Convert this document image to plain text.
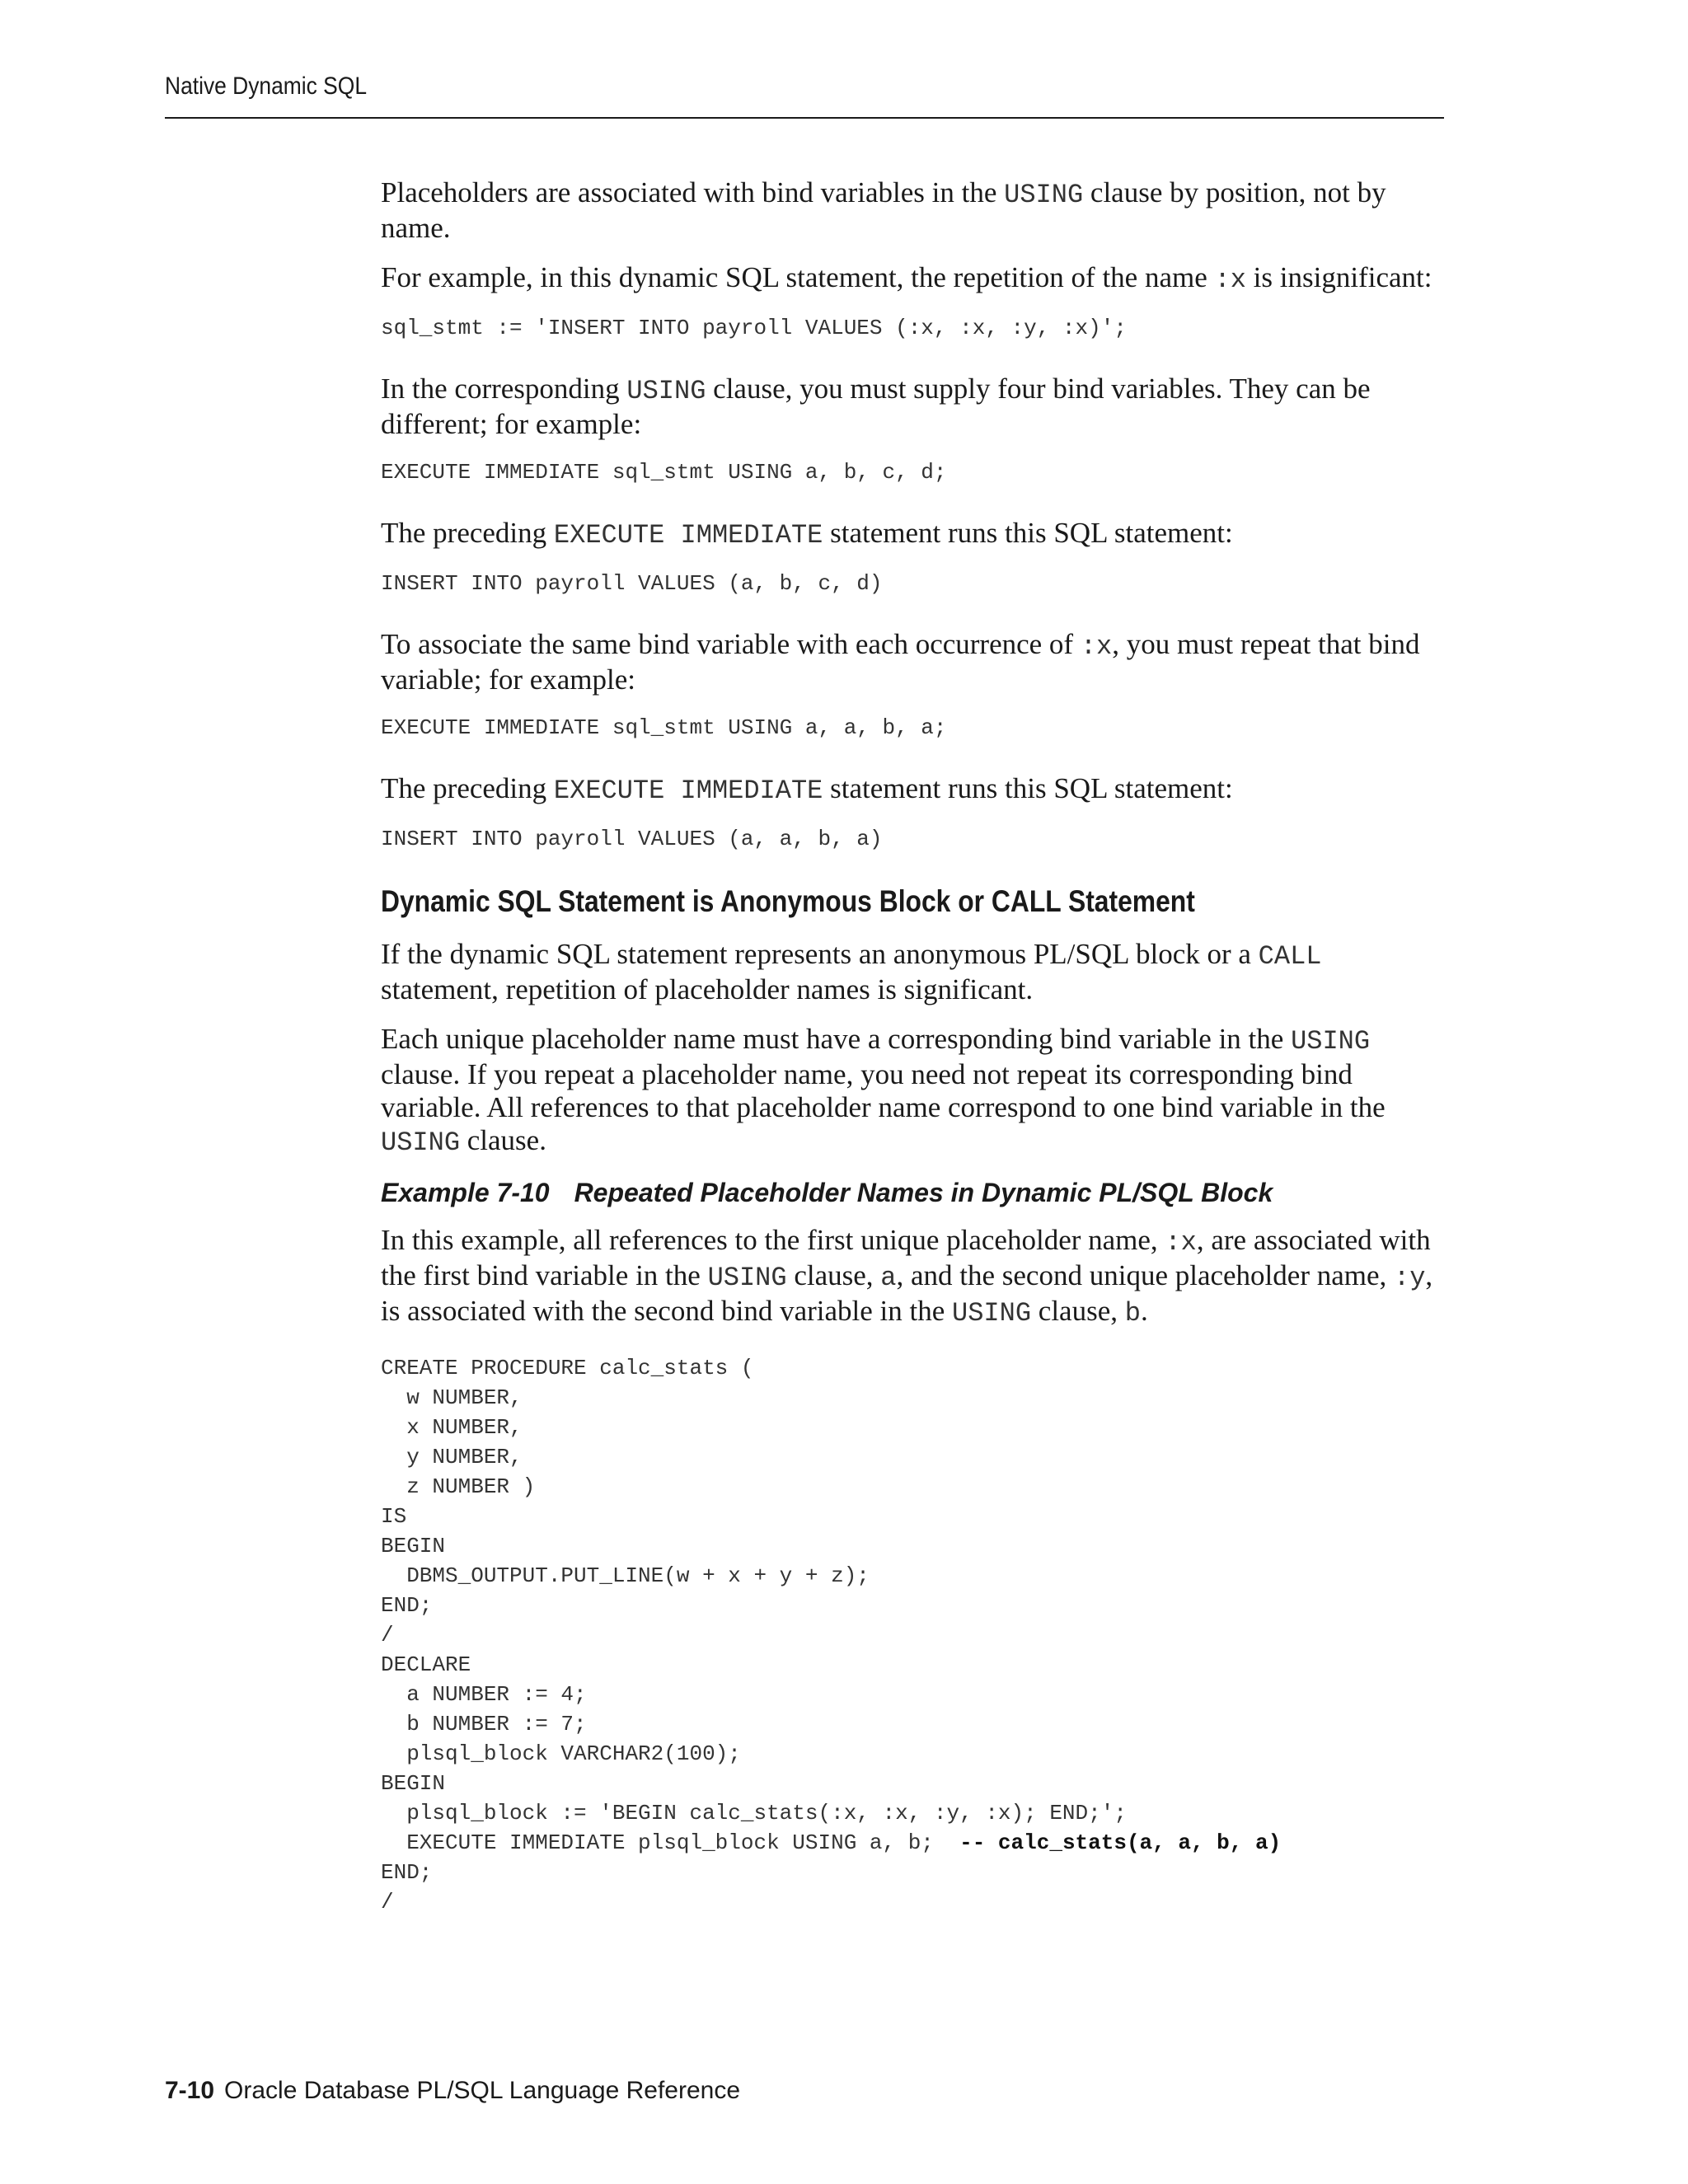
Native Dynamic SQL

Placeholders are associated with bind variables in the USING clause by position, not by name.

For example, in this dynamic SQL statement, the repetition of the name :x is insignificant:

sql_stmt := 'INSERT INTO payroll VALUES (:x, :x, :y, :x)';

In the corresponding USING clause, you must supply four bind variables. They can be different; for example:

EXECUTE IMMEDIATE sql_stmt USING a, b, c, d;

The preceding EXECUTE IMMEDIATE statement runs this SQL statement:

INSERT INTO payroll VALUES (a, b, c, d)

To associate the same bind variable with each occurrence of :x, you must repeat that bind variable; for example:

EXECUTE IMMEDIATE sql_stmt USING a, a, b, a;

The preceding EXECUTE IMMEDIATE statement runs this SQL statement:

INSERT INTO payroll VALUES (a, a, b, a)
Dynamic SQL Statement is Anonymous Block or CALL Statement

If the dynamic SQL statement represents an anonymous PL/SQL block or a CALL statement, repetition of placeholder names is significant.

Each unique placeholder name must have a corresponding bind variable in the USING clause. If you repeat a placeholder name, you need not repeat its corresponding bind variable. All references to that placeholder name correspond to one bind variable in the USING clause.

Example 7-10 Repeated Placeholder Names in Dynamic PL/SQL Block

In this example, all references to the first unique placeholder name, :x, are associated with the first bind variable in the USING clause, a, and the second unique placeholder name, :y, is associated with the second bind variable in the USING clause, b.

CREATE PROCEDURE calc_stats (
w NUMBER,
x NUMBER,
y NUMBER,
z NUMBER )
IS
BEGIN
DBMS_OUTPUT.PUT_LINE(w + x + y + z);
END;
/
DECLARE
a NUMBER := 4;
b NUMBER := 7;
plsql_block VARCHAR2(100);
BEGIN
plsql_block := 'BEGIN calc_stats(:x, :x, :y, :x); END;';
EXECUTE IMMEDIATE plsql_block USING a, b;  -- calc_stats(a, a, b, a)
END;
/
7-10 Oracle Database PL/SQL Language Reference
